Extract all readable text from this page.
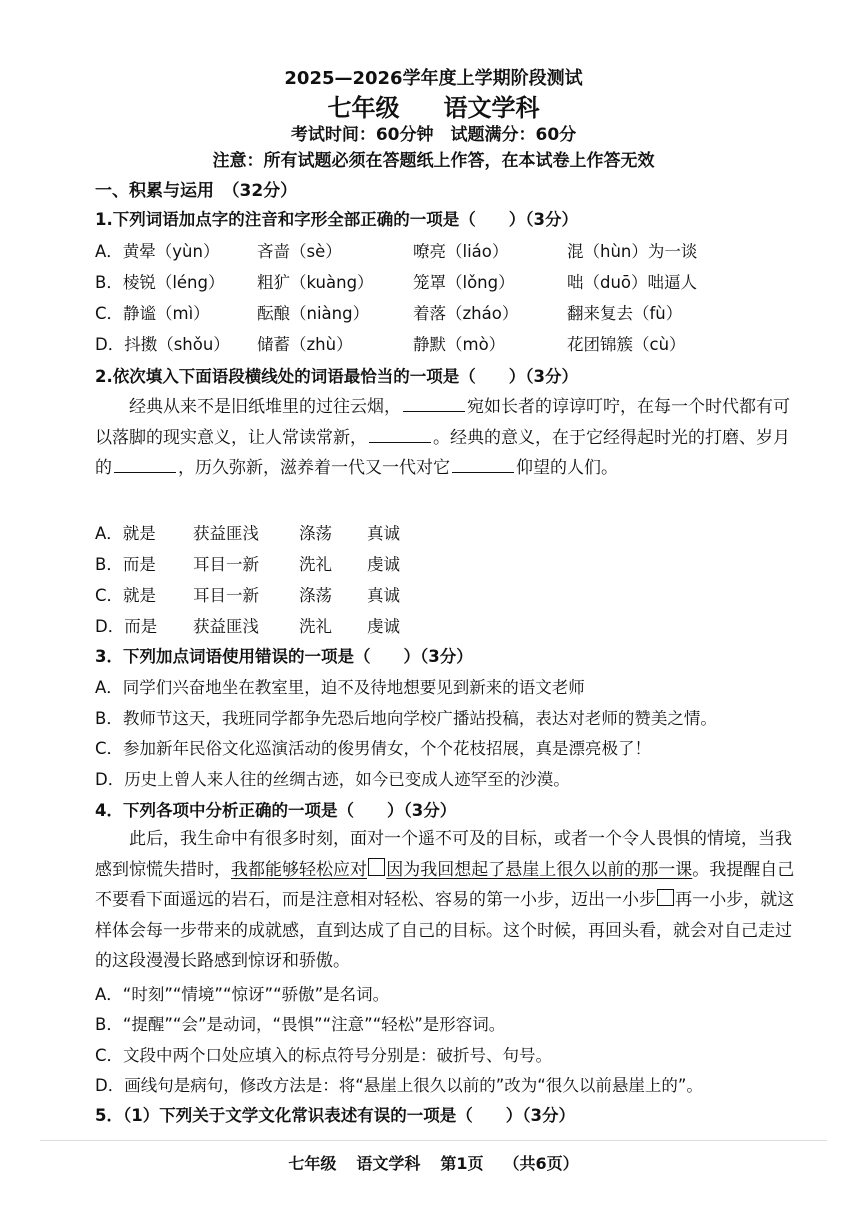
2025—2026学年度上学期阶段测试
七年级 语文学科
考试时间：60分钟　试题满分：60分
注意：所有试题必须在答题纸上作答，在本试卷上作答无效
一、积累与运用　（32分）
1.下列词语加点字的注音和字形全部正确的一项是（　　）（3分）
A．黄晕（yùn） 吝啬（sè）	嘹亮（liáo）	混（hùn）为一谈
B．棱锐（léng） 粗犷（kuàng） 笼罩（lǒng）	咄（duō）咄逼人
C．静谧（mì）	酝酿（niàng）	着落（zháo）	翻来复去（fù）
D．抖擞（shǒu） 储蓄（zhù）	静默（mò）	花团锦簇（cù）
2.依次填入下面语段横线处的词语最恰当的一项是（　　）（3分）
经典从来不是旧纸堆里的过往云烟，	宛如长者的谆谆叮咛，在每一个时代都有可以落脚的现实意义，让人常读常新，	。经典的意义，在于它经得起时光的打磨、岁月的	，历久弥新，滋养着一代又一代对它	仰望的人们。
A．就是 获益匪浅 涤荡 真诚
B．而是 耳目一新 洗礼 虔诚
C．就是 耳目一新 涤荡 真诚
D．而是 获益匪浅 洗礼 虔诚
3．下列加点词语使用错误的一项是（　　）（3分）
A．同学们兴奋地坐在教室里，迫不及待地想要见到新来的语文老师
B．教师节这天，我班同学都争先恐后地向学校广播站投稿，表达对老师的赞美之情。
C．参加新年民俗文化巡演活动的俊男倩女，个个花枝招展，真是漂亮极了！
D．历史上曾人来人往的丝绸古迹，如今已变成人迹罕至的沙漠。
4．下列各项中分析正确的一项是（　　）（3分）
此后，我生命中有很多时刻，面对一个遥不可及的目标，或者一个令人畏惧的情境，当我感到惊慌失措时，我都能够轻松应对 因为我回想起了悬崖上很久以前的那一课。我提醒自己不要看下面遥远的岩石，而是注意相对轻松、容易的第一小步，迈出一小步 再一小步，就这样体会每一步带来的成就感，直到达成了自己的目标。这个时候，再回头看，就会对自己走过的这段漫漫长路感到惊讶和骄傲。
A．“时刻”“情境”“惊讶”“骄傲”是名词。
B．“提醒”“会”是动词，“畏惧”“注意”“轻松”是形容词。
C．文段中两个口处应填入的标点符号分别是：破折号、句号。
D．画线句是病句，修改方法是：将“悬崖上很久以前的”改为“很久以前悬崖上的”。
5．（1）下列关于文学文化常识表述有误的一项是（　　）（3分）
七年级 语文学科 第1页 （共6页）
